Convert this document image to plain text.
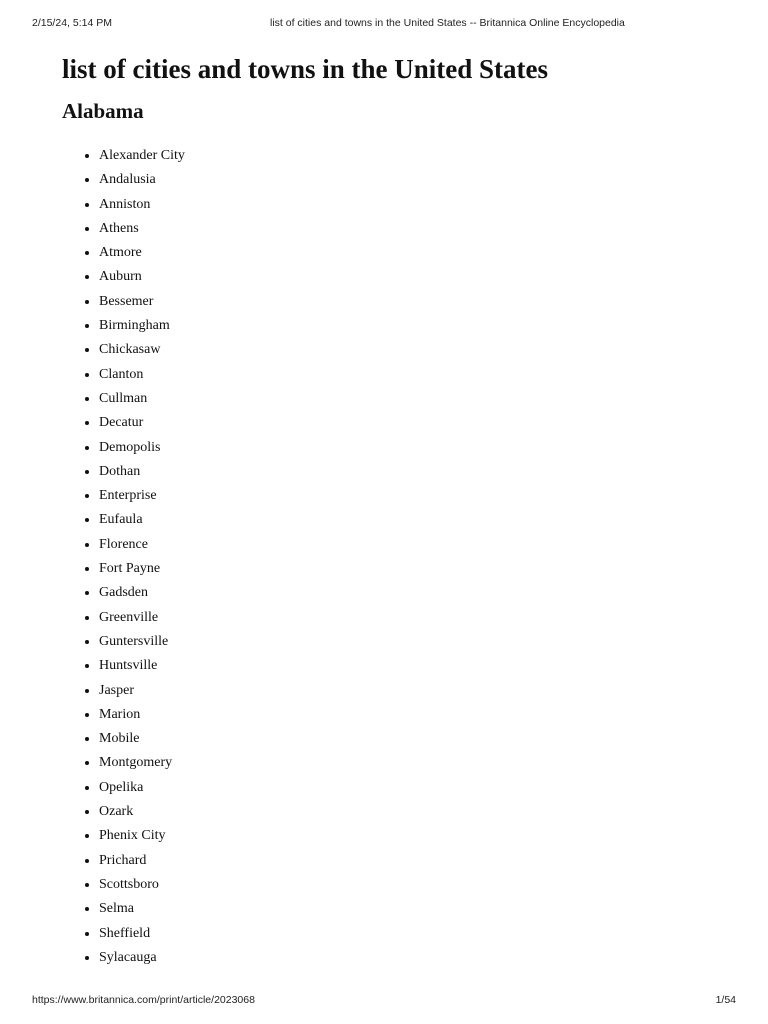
2/15/24, 5:14 PM	list of cities and towns in the United States -- Britannica Online Encyclopedia
list of cities and towns in the United States
Alabama
Alexander City
Andalusia
Anniston
Athens
Atmore
Auburn
Bessemer
Birmingham
Chickasaw
Clanton
Cullman
Decatur
Demopolis
Dothan
Enterprise
Eufaula
Florence
Fort Payne
Gadsden
Greenville
Guntersville
Huntsville
Jasper
Marion
Mobile
Montgomery
Opelika
Ozark
Phenix City
Prichard
Scottsboro
Selma
Sheffield
Sylacauga
https://www.britannica.com/print/article/2023068	1/54
